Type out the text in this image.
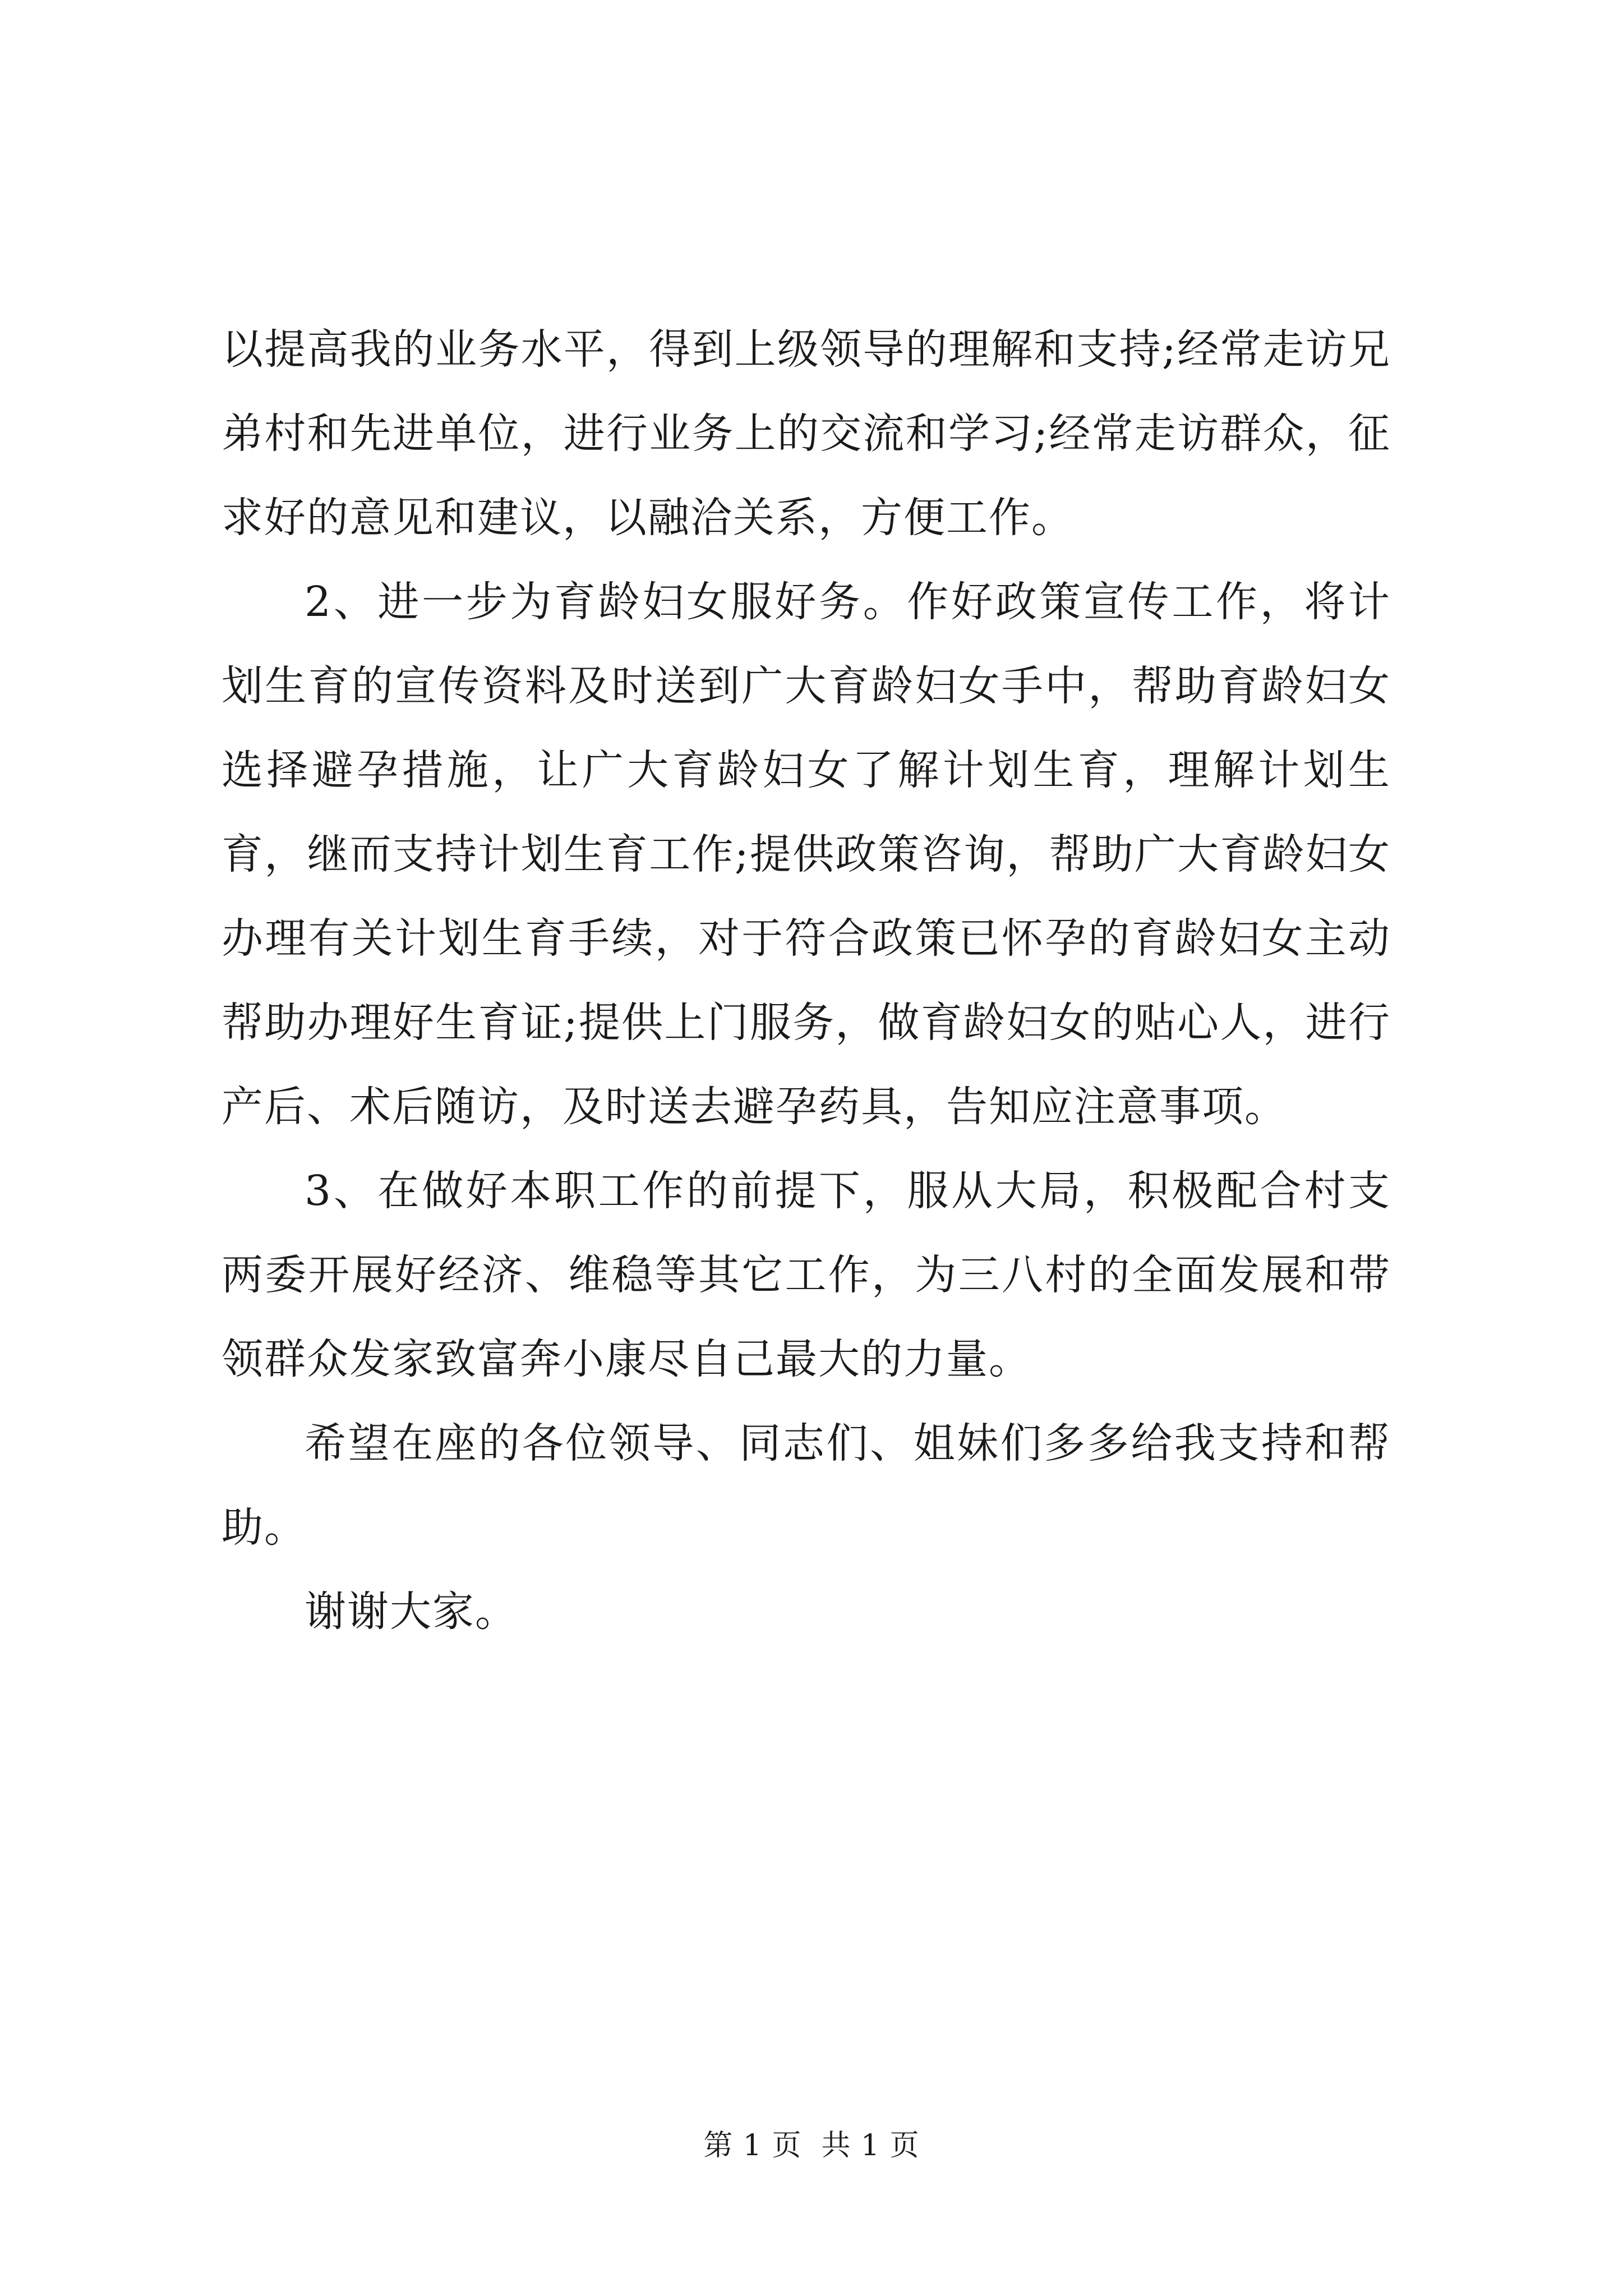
以提高我的业务水平，得到上级领导的理解和支持;经常走访兄弟村和先进单位，进行业务上的交流和学习;经常走访群众，征求好的意见和建议，以融洽关系，方便工作。

2、进一步为育龄妇女服好务。作好政策宣传工作，将计划生育的宣传资料及时送到广大育龄妇女手中，帮助育龄妇女选择避孕措施，让广大育龄妇女了解计划生育，理解计划生育，继而支持计划生育工作;提供政策咨询，帮助广大育龄妇女办理有关计划生育手续，对于符合政策已怀孕的育龄妇女主动帮助办理好生育证;提供上门服务，做育龄妇女的贴心人，进行产后、术后随访，及时送去避孕药具，告知应注意事项。

3、在做好本职工作的前提下，服从大局，积极配合村支两委开展好经济、维稳等其它工作，为三八村的全面发展和带领群众发家致富奔小康尽自己最大的力量。

希望在座的各位领导、同志们、姐妹们多多给我支持和帮助。

谢谢大家。

第 1 页  共 1 页
